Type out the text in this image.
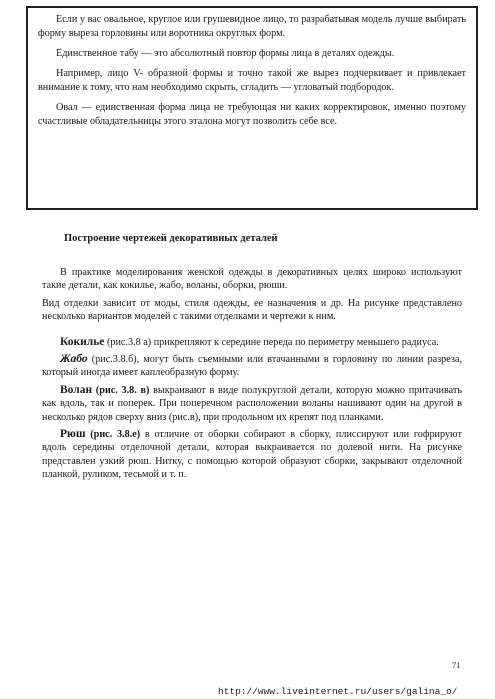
Если у вас овальное, круглое или грушевидное лицо, то разрабатывая модель лучше выбирать форму выреза горловины или воротника округлых форм.

Единственное табу — это абсолютный повтор формы лица в деталях одежды.

Например, лицо V- образной формы и точно такой же вырез подчеркивает и привлекает внимание к тому, что нам необходимо скрыть, сгладить — угловатый подбородок.

Овал — единственная форма лица не требующая ни каких корректировок, именно поэтому счастливые обладательницы этого эталона могут позволить себе все.

Построение чертежей декоративных деталей

В практике моделирования женской одежды в декоративных целях широко используют такие детали, как кокилье, жабо, воланы, оборки, рюши.

Вид отделки зависит от моды, стиля одежды, ее назначения и др. На рисунке представлено несколько вариантов моделей с такими отделками и чертежи к ним.

Кокилье (рис.3.8 а) прикрепляют к середине переда по периметру меньшего радиуса.

Жабо (рис.3.8.б), могут быть съемными или втачанными в горловину по линии разреза, который иногда имеет каплеобразную форму.

Волан (рис. 3.8. в) выкраивают в виде полукруглой детали, которую можно притачивать как вдоль, так и поперек. При поперечном расположении воланы нашивают один на другой в несколько рядов сверху вниз (рис.в), при продольном их крепят под планками.

Рюш (рис. 3.8.е) в отличие от оборки собирают в сборку, плиссируют или гофрируют вдоль середины отделочной детали, которая выкраивается по долевой нити. На рисунке представлен узкий рюш. Нитку, с помощью которой образуют сборки, закрывают отделочной планкой, руликом, тесьмой и т. п.

71
http://www.liveinternet.ru/users/galina_o/
